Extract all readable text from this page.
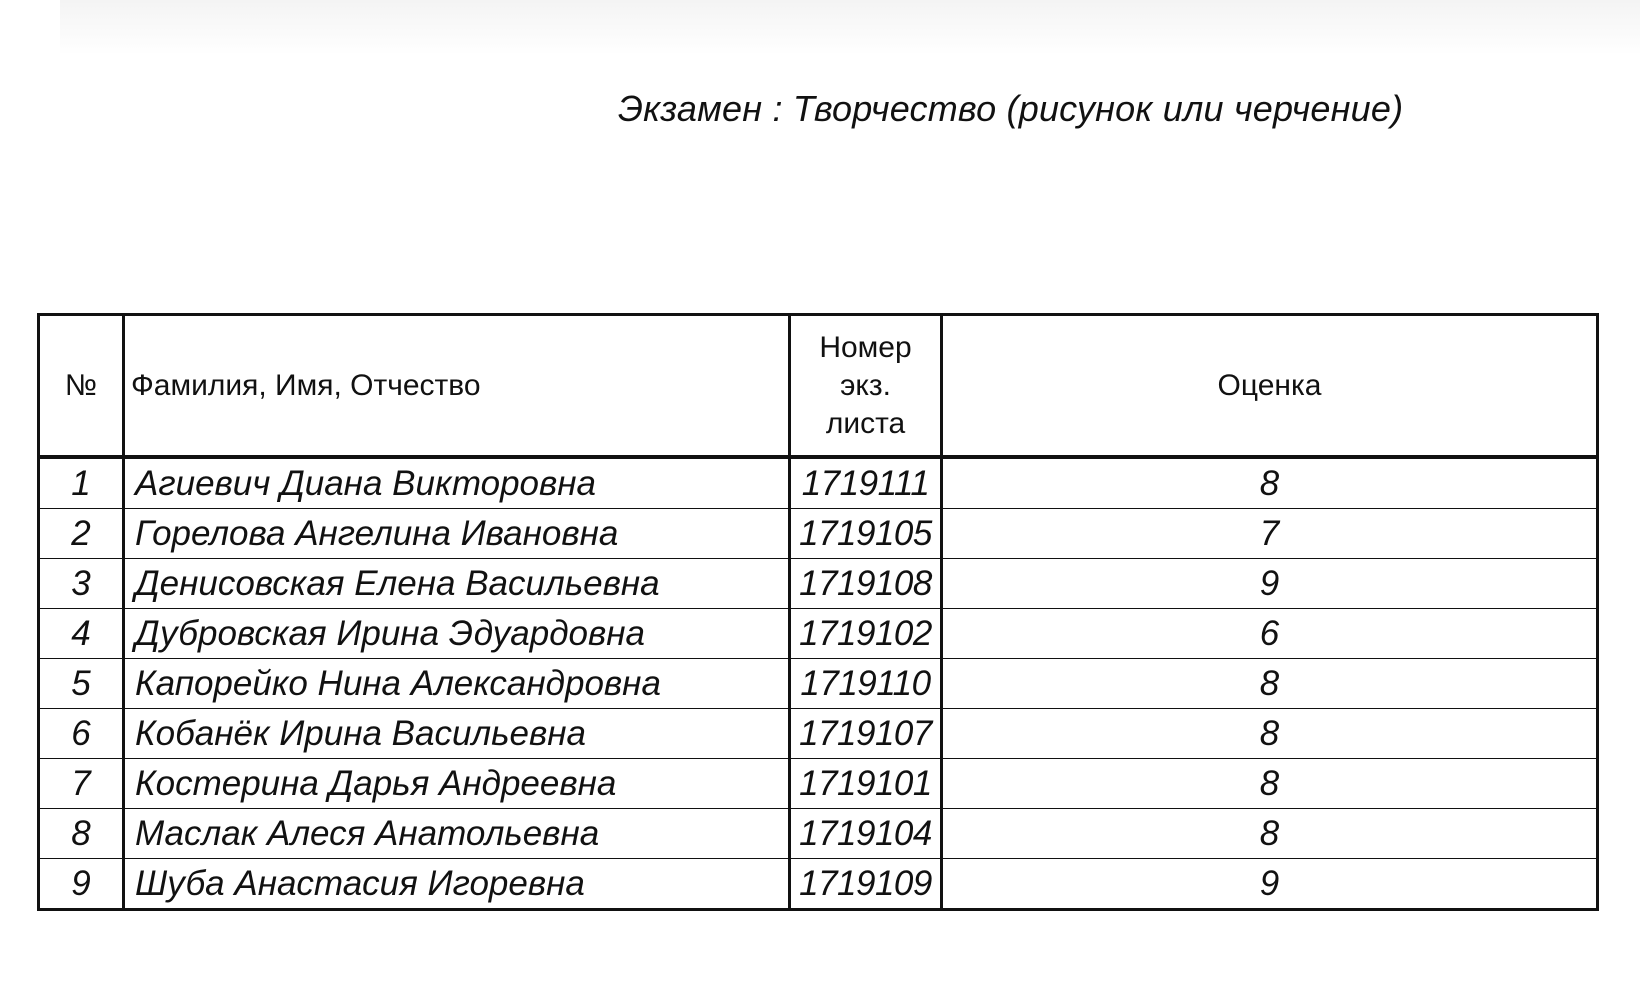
Экзамен : Творчество (рисунок или черчение)
№	Фамилия, Имя, Отчество	Номер
экз.
листа	Оценка
1	Агиевич Диана Викторовна	1719111	8
2	Горелова Ангелина Ивановна	1719105	7
3	Денисовская Елена Васильевна	1719108	9
4	Дубровская Ирина Эдуардовна	1719102	6
5	Капорейко Нина Александровна	1719110	8
6	Кобанёк Ирина Васильевна	1719107	8
7	Костерина Дарья Андреевна	1719101	8
8	Маслак Алеся Анатольевна	1719104	8
9	Шуба Анастасия Игоревна	1719109	9
